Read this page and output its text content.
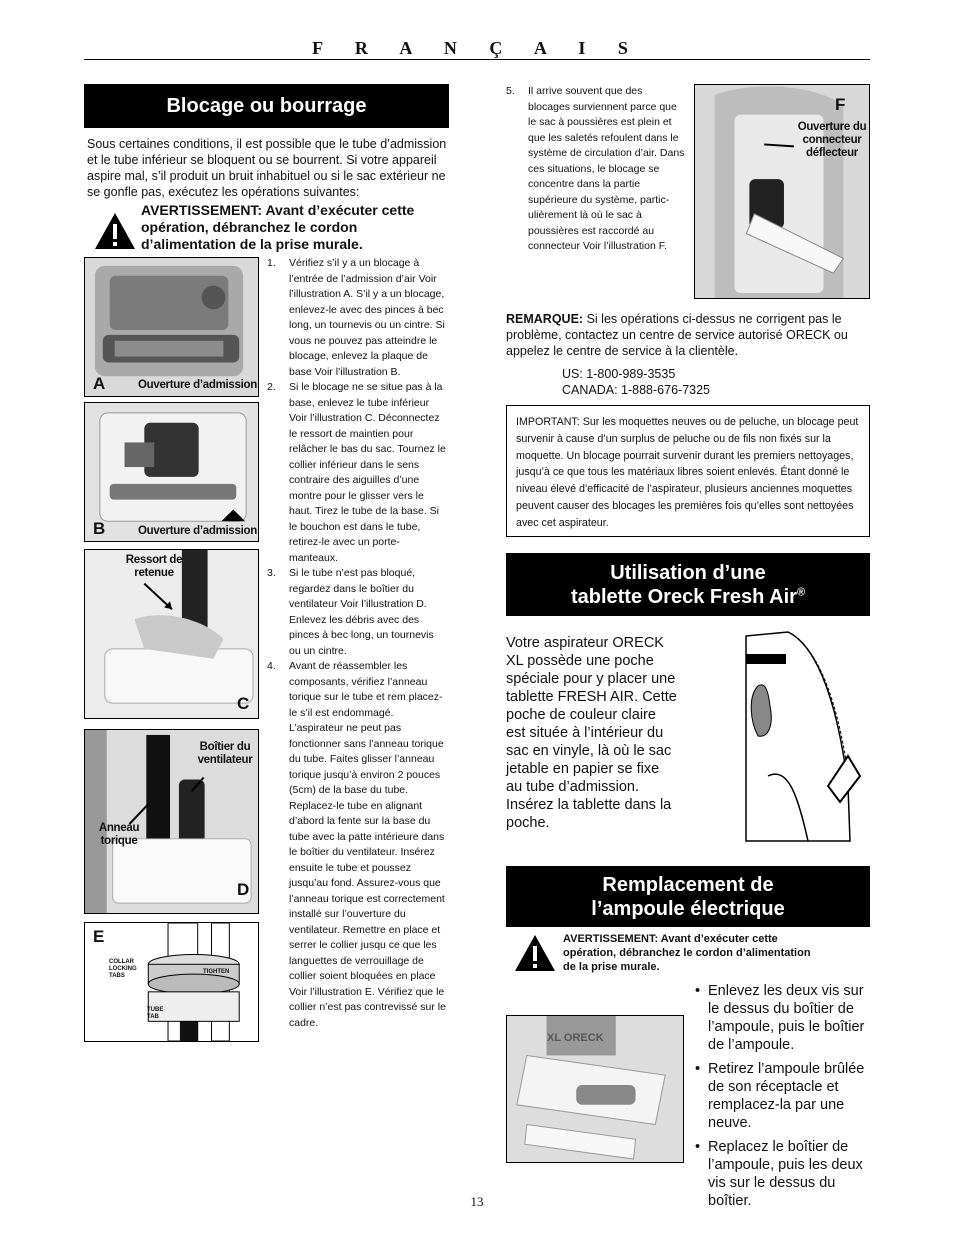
F R A N Ç A I S
Blocage ou bourrage
Sous certaines conditions, il est possible que le tube d’admission et le tube inférieur se bloquent ou se bourrent. Si votre appareil aspire mal, s’il produit un bruit inhabituel ou si le sac extérieur ne se gonfle pas, exécutez les opérations suivantes:
AVERTISSEMENT: Avant d’exécuter cette opération, débranchez le cordon d’alimentation de la prise murale.
A	Ouverture d’admission
B	Ouverture d’admission
Ressort de retenue
C
Boîtier du ventilateur
Anneau torique
D
E
COLLAR LOCKING TABS
TUBE TAB
TIGHTEN
1. Vérifiez s’il y a un blocage à l’entrée de l’admission d’air Voir l’illustration A. S’il y a un blocage, enlevez-le avec des pinces à bec long, un tournevis ou un cintre. Si vous ne pouvez pas atteindre le blocage, enlevez la plaque de base Voir l’illustration B.
2. Si le blocage ne se situe pas à la base, enlevez le tube inférieur Voir l’illustration C. Déconnectez le ressort de maintien pour relâcher le bas du sac. Tournez le collier inférieur dans le sens contraire des aiguilles d’une montre pour le glisser vers le haut. Tirez le tube de la base. Si le bouchon est dans le tube, retirez-le avec un porte-manteaux.
3. Si le tube n’est pas bloqué, regardez dans le boîtier du ventilateur Voir l’illustration D. Enlevez les débris avec des pinces à bec long, un tournevis ou un cintre.
4. Avant de réassembler les composants, vérifiez l’anneau torique sur le tube et rem placez-le s’il est endommagé. L’aspirateur ne peut pas fonctionner sans l’anneau torique du tube. Faites glisser l’anneau torique jusqu’à environ 2 pouces (5cm) de la base du tube. Replacez-le tube en alignant d’abord la fente sur la base du tube avec la patte intérieure dans le boîtier du ventilateur. Insérez ensuite le tube et poussez jusqu’au fond. Assurez-vous que l’anneau torique est correctement installé sur l’ouverture du ventilateur. Remettre en place et serrer le collier jusqu ce que les languettes de verrouillage de collier soient bloquées en place Voir l’illustration E. Vérifiez que le collier n’est pas contrevissé sur le cadre.
5. Il arrive souvent que des blocages surviennent parce que le sac à poussières est plein et que les saletés refoulent dans le système de circulation d’air. Dans ces situations, le blocage se concentre dans la partie supérieure du système, partic- ulièrement là où le sac à poussières est raccordé au connecteur Voir l’illustration F.
F
Ouverture du connecteur déflecteur
REMARQUE: Si les opérations ci-dessus ne corrigent pas le problème, contactez un centre de service autorisé ORECK ou appelez le centre de service à la clientèle.
US: 1-800-989-3535
CANADA: 1-888-676-7325
IMPORTANT: Sur les moquettes neuves ou de peluche, un blocage peut survenir à cause d’un surplus de peluche ou de fils non fixés sur la moquette. Un blocage pourrait survenir durant les premiers nettoyages, jusqu’à ce que tous les matériaux libres soient enlevés. Étant donné le niveau élevé d’efficacité de l’aspirateur, plusieurs anciennes moquettes peuvent causer des blocages les premières fois qu’elles sont nettoyées avec cet aspirateur.
Utilisation d’une
tablette Oreck Fresh Air®
Votre aspirateur ORECK XL possède une poche spéciale pour y placer une tablette FRESH AIR. Cette poche de couleur claire est située à l’intérieur du sac en vinyle, là où le sac jetable en papier se fixe au tube d’admission. Insérez la tablette dans la poche.
Remplacement de
l’ampoule électrique
AVERTISSEMENT: Avant d’exécuter cette opération, débranchez le cordon d’alimentation de la prise murale.
XL ORECK
• Enlevez les deux vis sur le dessus du boîtier de l’ampoule, puis le boîtier de l’ampoule.
• Retirez l’ampoule brûlée de son réceptacle et remplacez-la par une neuve.
• Replacez le boîtier de l’ampoule, puis les deux vis sur le dessus du boîtier.
13
